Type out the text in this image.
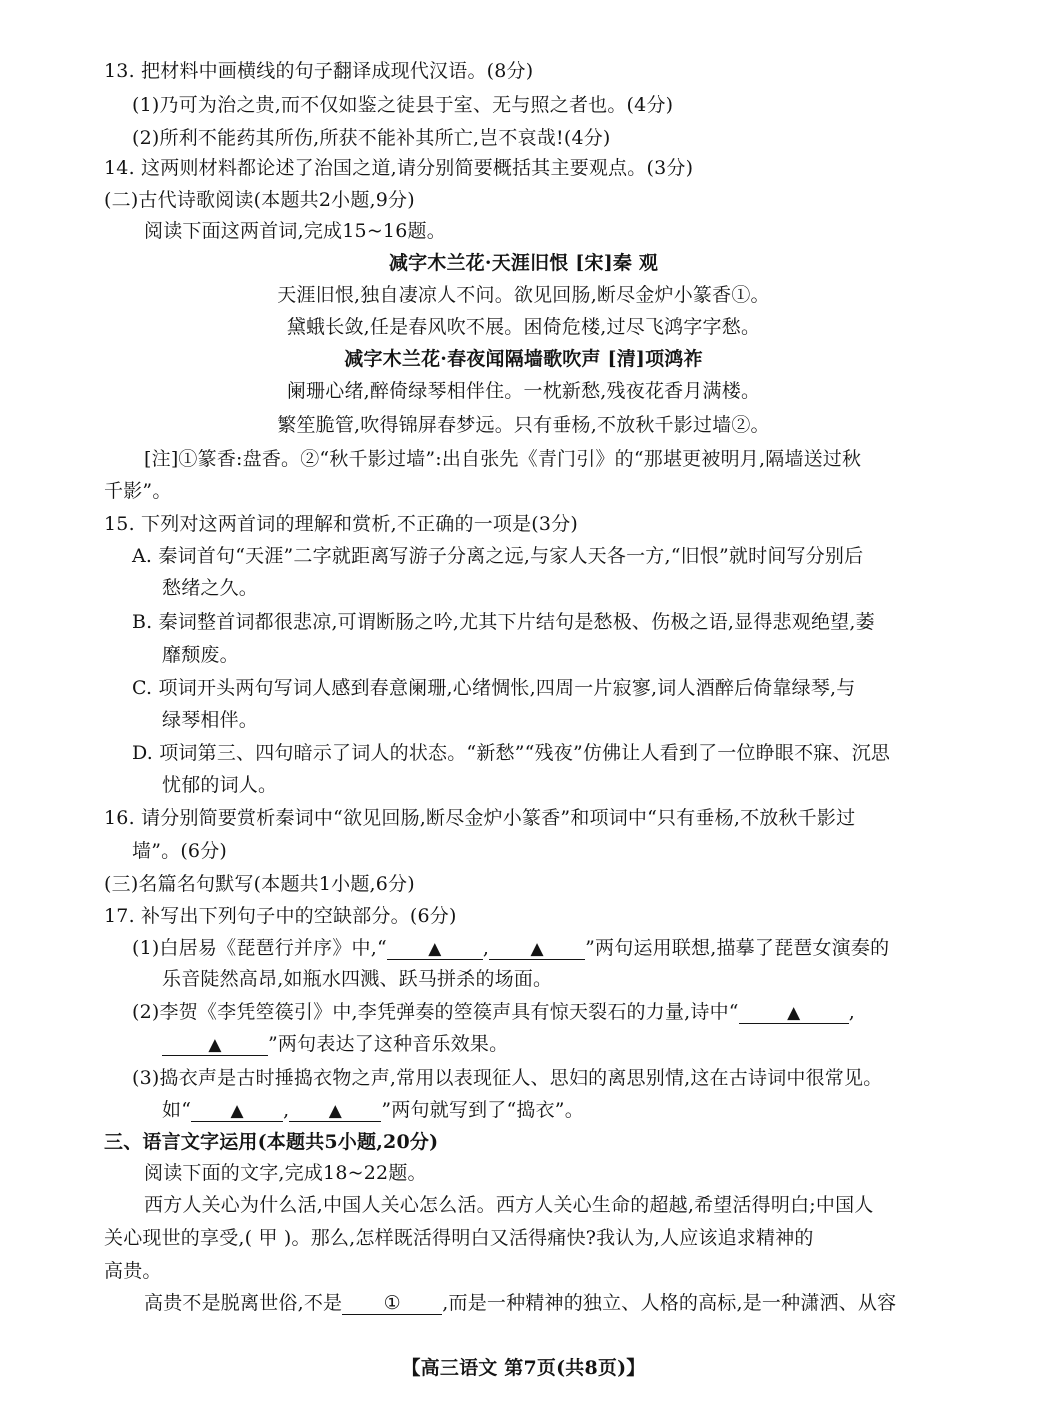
13. 把材料中画横线的句子翻译成现代汉语。(8分)
(1)乃可为治之贵,而不仅如鉴之徒县于室、无与照之者也。(4分)
(2)所利不能药其所伤,所获不能补其所亡,岂不哀哉!(4分)
14. 这两则材料都论述了治国之道,请分别简要概括其主要观点。(3分)
(二)古代诗歌阅读(本题共2小题,9分)
阅读下面这两首词,完成15~16题。
减字木兰花·天涯旧恨 [宋]秦 观
天涯旧恨,独自凄凉人不问。欲见回肠,断尽金炉小篆香①。
黛蛾长敛,任是春风吹不展。困倚危楼,过尽飞鸿字字愁。
减字木兰花·春夜闻隔墙歌吹声 [清]项鸿祚
阑珊心绪,醉倚绿琴相伴住。一枕新愁,残夜花香月满楼。
繁笙脆管,吹得锦屏春梦远。只有垂杨,不放秋千影过墙②。
[注]①篆香:盘香。②“秋千影过墙”:出自张先《青门引》的“那堪更被明月,隔墙送过秋
千影”。
15. 下列对这两首词的理解和赏析,不正确的一项是(3分)
A. 秦词首句“天涯”二字就距离写游子分离之远,与家人天各一方,“旧恨”就时间写分别后
愁绪之久。
B. 秦词整首词都很悲凉,可谓断肠之吟,尤其下片结句是愁极、伤极之语,显得悲观绝望,萎
靡颓废。
C. 项词开头两句写词人感到春意阑珊,心绪惆怅,四周一片寂寥,词人酒醉后倚靠绿琴,与
绿琴相伴。
D. 项词第三、四句暗示了词人的状态。“新愁”“残夜”仿佛让人看到了一位睁眼不寐、沉思
忧郁的词人。
16. 请分别简要赏析秦词中“欲见回肠,断尽金炉小篆香”和项词中“只有垂杨,不放秋千影过
墙”。(6分)
(三)名篇名句默写(本题共1小题,6分)
17. 补写出下列句子中的空缺部分。(6分)
(1)白居易《琵琶行并序》中,“ ▲ , ▲ ”两句运用联想,描摹了琵琶女演奏的
乐音陡然高昂,如瓶水四溅、跃马拼杀的场面。
(2)李贺《李凭箜篌引》中,李凭弹奏的箜篌声具有惊天裂石的力量,诗中“	▲	,
▲ ”两句表达了这种音乐效果。
(3)捣衣声是古时捶捣衣物之声,常用以表现征人、思妇的离思别情,这在古诗词中很常见。
如“ ▲ , ▲ ”两句就写到了“捣衣”。
三、语言文字运用(本题共5小题,20分)
阅读下面的文字,完成18~22题。
西方人关心为什么活,中国人关心怎么活。西方人关心生命的超越,希望活得明白;中国人
关心现世的享受,( 甲 )。那么,怎样既活得明白又活得痛快?我认为,人应该追求精神的
高贵。
高贵不是脱离世俗,不是 ① ,而是一种精神的独立、人格的高标,是一种潇洒、从容
【高三语文 第7页(共8页)】
